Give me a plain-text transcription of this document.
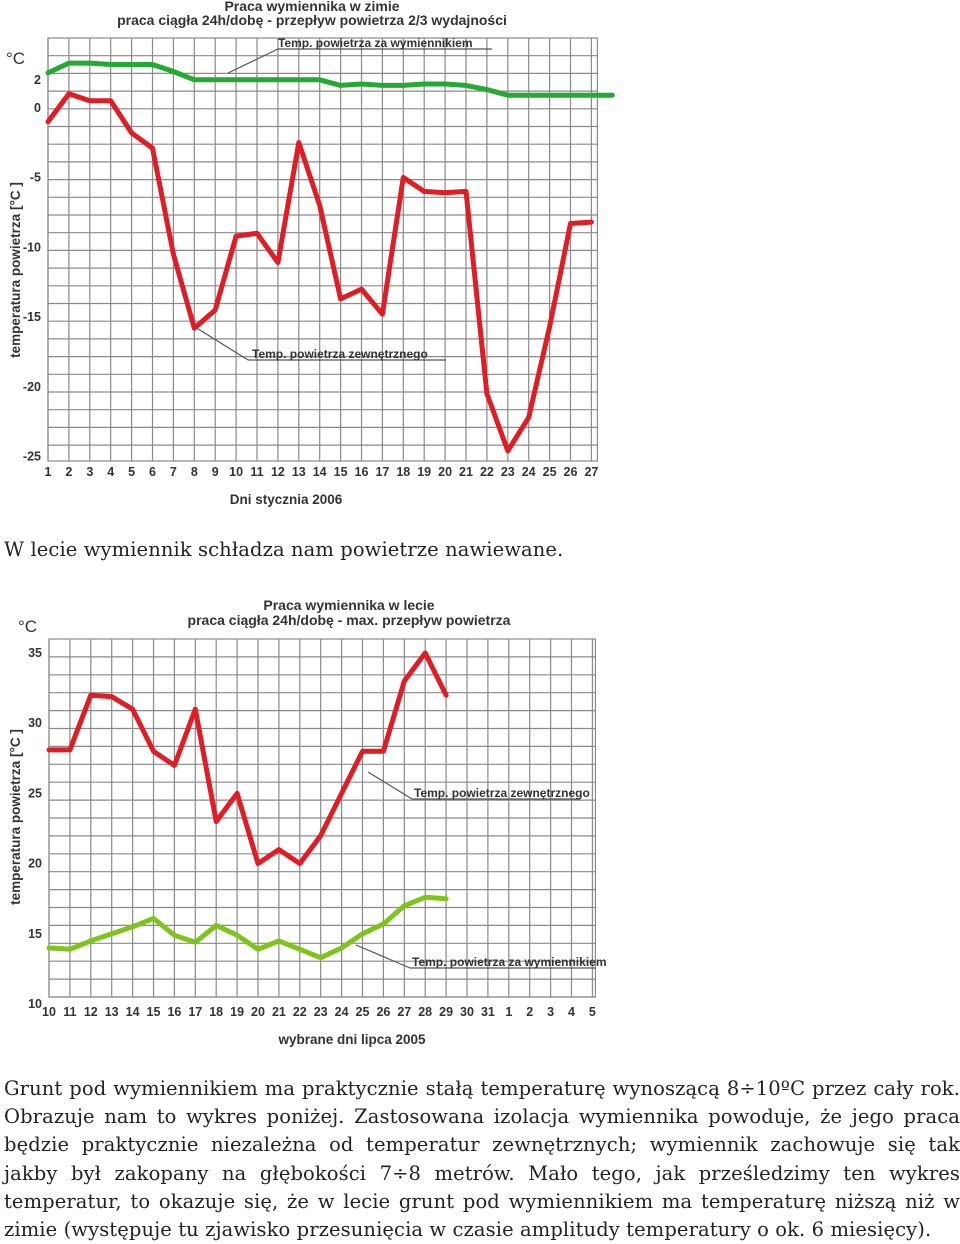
Praca wymiennika w zimie
praca ciągła 24h/dobę - przepływ powietrza 2/3 wydajności
°C
temperatura powietrza [°C ]
Dni stycznia 2006
2
0
-5
-10
-15
-20
-25
1 2 3 4 5 6 7 8 9 10 11 12 13 14 15 16 17 18 19 20 21 22 23 24 25 26 27
Temp. powietrza za wymiennikiem
Temp. powietrza zewnętrznego

W lecie wymiennik schładza nam powietrze nawiewane.

Praca wymiennika w lecie
praca ciągła 24h/dobę - max. przepływ powietrza
°C
temperatura powietrza [°C ]
wybrane dni lipca 2005
35
30
25
20
15
10
10 11 12 13 14 15 16 17 18 19 20 21 22 23 24 25 26 27 28 29 30 31 1 2 3 4 5
Temp. powietrza zewnętrznego
Temp. powietrza za wymiennikiem

Grunt pod wymiennikiem ma praktycznie stałą temperaturę wynoszącą 8÷10ºC przez cały rok. Obrazuje nam to wykres poniżej. Zastosowana izolacja wymiennika powoduje, że jego praca będzie praktycznie niezależna od temperatur zewnętrznych; wymiennik zachowuje się tak jakby był zakopany na głębokości 7÷8 metrów. Mało tego, jak prześledzimy ten wykres temperatur, to okazuje się, że w lecie grunt pod wymiennikiem ma temperaturę niższą niż w zimie (występuje tu zjawisko przesunięcia w czasie amplitudy temperatury o ok. 6 miesięcy).
